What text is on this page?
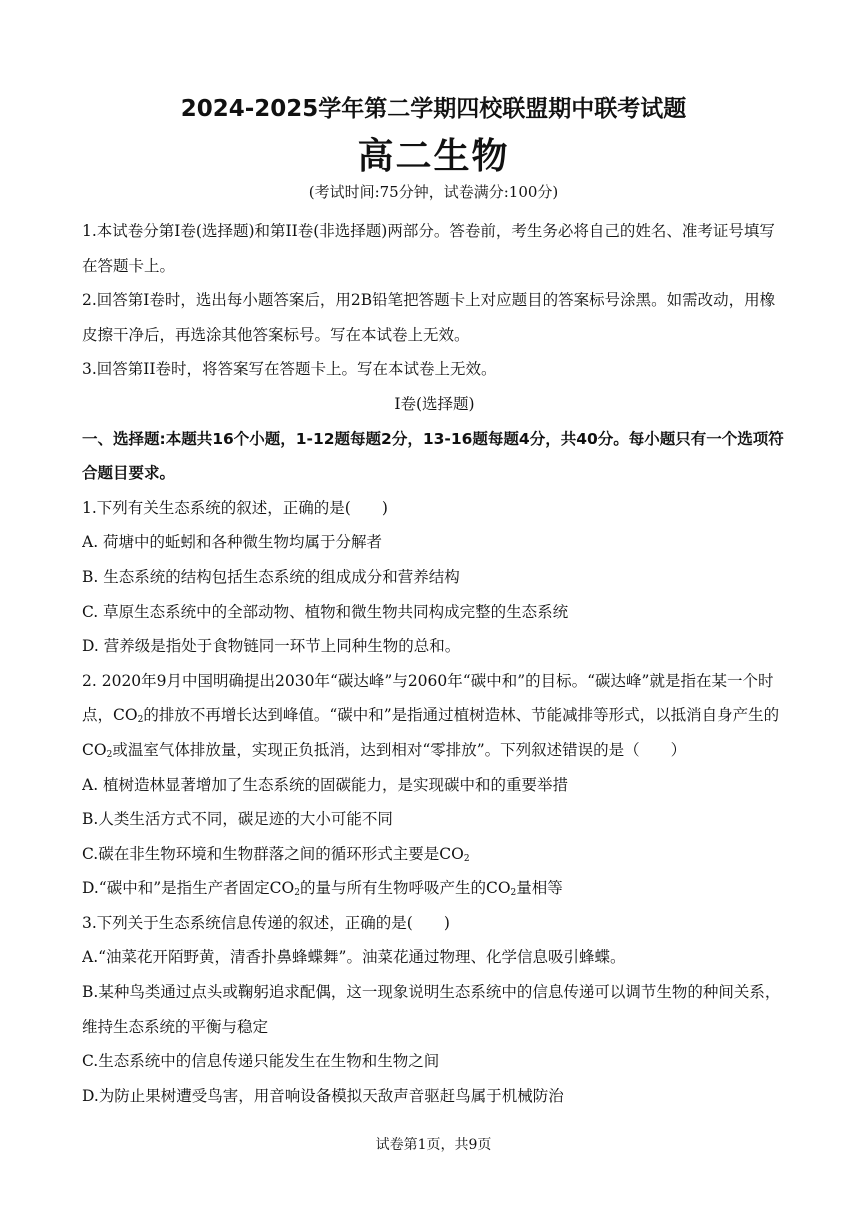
2024-2025学年第二学期四校联盟期中联考试题
高二生物
(考试时间:75分钟，试卷满分:100分)
1.本试卷分第I卷(选择题)和第II卷(非选择题)两部分。答卷前，考生务必将自己的姓名、准考证号填写在答题卡上。
2.回答第I卷时，选出每小题答案后，用2B铅笔把答题卡上对应题目的答案标号涂黑。如需改动，用橡皮擦干净后，再选涂其他答案标号。写在本试卷上无效。
3.回答第II卷时，将答案写在答题卡上。写在本试卷上无效。
I卷(选择题)
一、选择题:本题共16个小题，1-12题每题2分，13-16题每题4分，共40分。每小题只有一个选项符合题目要求。
1.下列有关生态系统的叙述，正确的是(　　)
A. 荷塘中的蚯蚓和各种微生物均属于分解者
B. 生态系统的结构包括生态系统的组成成分和营养结构
C. 草原生态系统中的全部动物、植物和微生物共同构成完整的生态系统
D. 营养级是指处于食物链同一环节上同种生物的总和。
2. 2020年9月中国明确提出2030年“碳达峰”与2060年“碳中和”的目标。“碳达峰”就是指在某一个时点，$CO_2$的排放不再增长达到峰值。“碳中和”是指通过植树造林、节能减排等形式，以抵消自身产生的$CO_2$或温室气体排放量，实现正负抵消，达到相对“零排放”。下列叙述错误的是（　　）
A. 植树造林显著增加了生态系统的固碳能力，是实现碳中和的重要举措
B.人类生活方式不同，碳足迹的大小可能不同
C.碳在非生物环境和生物群落之间的循环形式主要是$CO_2$
D.“碳中和”是指生产者固定$CO_2$的量与所有生物呼吸产生的$CO_2$量相等
3.下列关于生态系统信息传递的叙述，正确的是(　　)
A.“油菜花开陌野黄，清香扑鼻蜂蝶舞”。油菜花通过物理、化学信息吸引蜂蝶。
B.某种鸟类通过点头或鞠躬追求配偶，这一现象说明生态系统中的信息传递可以调节生物的种间关系，维持生态系统的平衡与稳定
C.生态系统中的信息传递只能发生在生物和生物之间
D.为防止果树遭受鸟害，用音响设备模拟天敌声音驱赶鸟属于机械防治
试卷第1页，共9页
